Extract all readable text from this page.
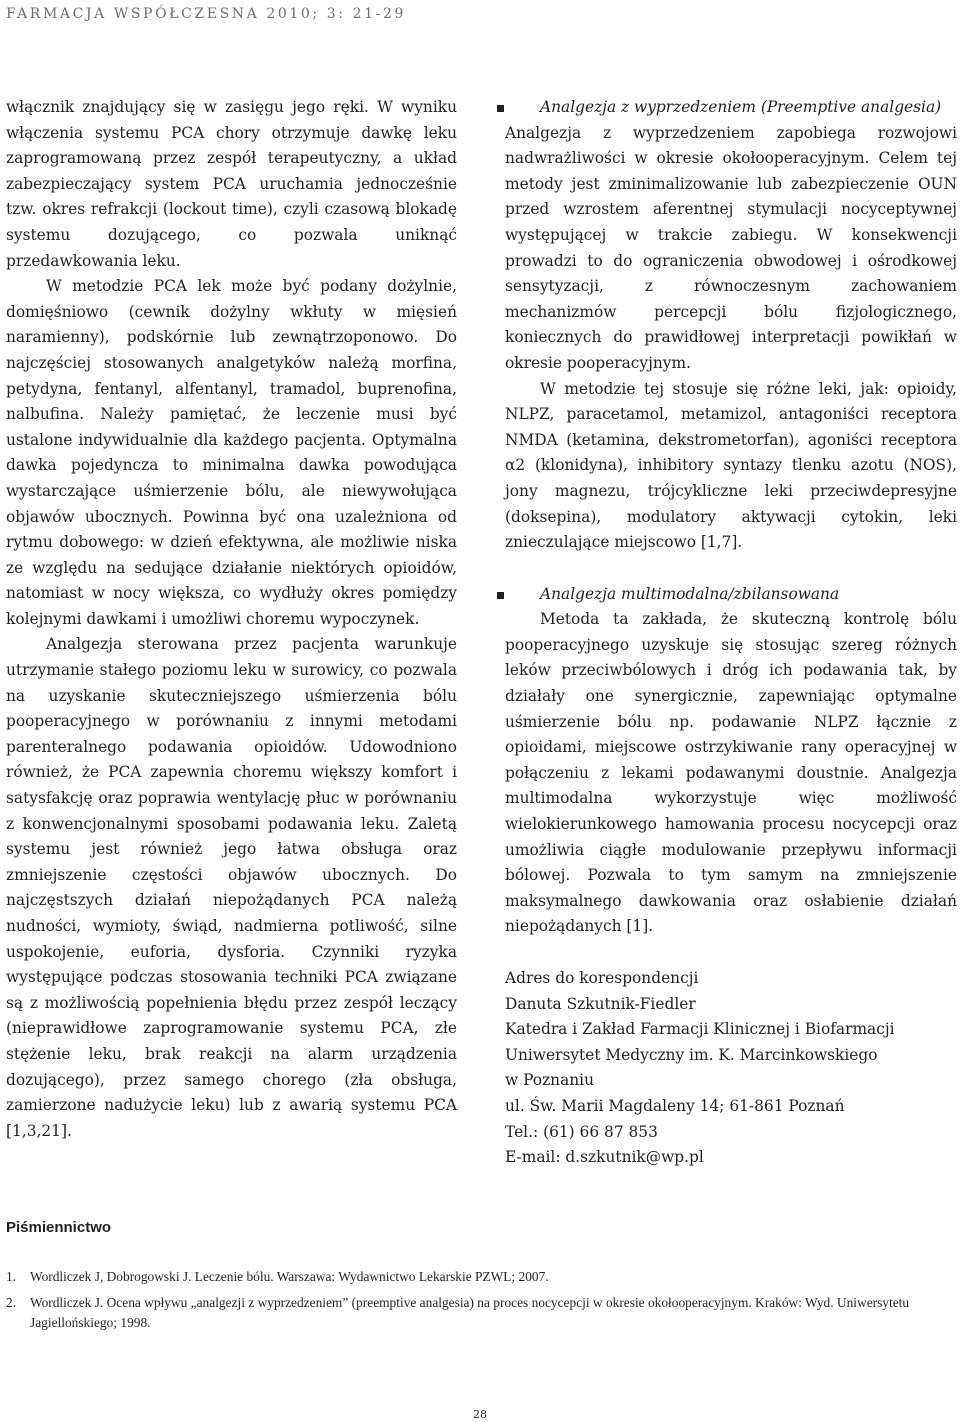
FARMACJA WSPÓŁCZESNA 2010; 3: 21-29

włącznik znajdujący się w zasięgu jego ręki. W wyniku włączenia systemu PCA chory otrzymuje dawkę leku zaprogramowaną przez zespół terapeutyczny, a układ zabezpieczający system PCA uruchamia jednocześnie tzw. okres refrakcji (lockout time), czyli czasową blokadę systemu dozującego, co pozwala uniknąć przedawkowania leku.

W metodzie PCA lek może być podany dożylnie, domięśniowo (cewnik dożylny wkłuty w mięsień naramienny), podskórnie lub zewnątrzoponowo. Do najczęściej stosowanych analgetyków należą morfina, petydyna, fentanyl, alfentanyl, tramadol, buprenofina, nalbufina. Należy pamiętać, że leczenie musi być ustalone indywidualnie dla każdego pacjenta. Optymalna dawka pojedyncza to minimalna dawka powodująca wystarczające uśmierzenie bólu, ale niewywołująca objawów ubocznych. Powinna być ona uzależniona od rytmu dobowego: w dzień efektywna, ale możliwie niska ze względu na sedujące działanie niektórych opioidów, natomiast w nocy większa, co wydłuży okres pomiędzy kolejnymi dawkami i umożliwi choremu wypoczynek.

Analgezja sterowana przez pacjenta warunkuje utrzymanie stałego poziomu leku w surowicy, co pozwala na uzyskanie skuteczniejszego uśmierzenia bólu pooperacyjnego w porównaniu z innymi metodami parenteralnego podawania opioidów. Udowodniono również, że PCA zapewnia choremu większy komfort i satysfakcję oraz poprawia wentylację płuc w porównaniu z konwencjonalnymi sposobami podawania leku. Zaletą systemu jest również jego łatwa obsługa oraz zmniejszenie częstości objawów ubocznych. Do najczęstszych działań niepożądanych PCA należą nudności, wymioty, świąd, nadmierna potliwość, silne uspokojenie, euforia, dysforia. Czynniki ryzyka występujące podczas stosowania techniki PCA związane są z możliwością popełnienia błędu przez zespół leczący (nieprawidłowe zaprogramowanie systemu PCA, złe stężenie leku, brak reakcji na alarm urządzenia dozującego), przez samego chorego (zła obsługa, zamierzone nadużycie leku) lub z awarią systemu PCA [1,3,21].

Analgezja z wyprzedzeniem (Preemptive analgesia)

Analgezja z wyprzedzeniem zapobiega rozwojowi nadwrażliwości w okresie okołooperacyjnym. Celem tej metody jest zminimalizowanie lub zabezpieczenie OUN przed wzrostem aferentnej stymulacji nocyceptywnej występującej w trakcie zabiegu. W konsekwencji prowadzi to do ograniczenia obwodowej i ośrodkowej sensytyzacji, z równoczesnym zachowaniem mechanizmów percepcji bólu fizjologicznego, koniecznych do prawidłowej interpretacji powikłań w okresie pooperacyjnym.

W metodzie tej stosuje się różne leki, jak: opioidy, NLPZ, paracetamol, metamizol, antagoniści receptora NMDA (ketamina, dekstrometorfan), agoniści receptora α2 (klonidyna), inhibitory syntazy tlenku azotu (NOS), jony magnezu, trójcykliczne leki przeciwdepresyjne (doksepina), modulatory aktywacji cytokin, leki znieczulające miejscowo [1,7].

Analgezja multimodalna/zbilansowana

Metoda ta zakłada, że skuteczną kontrolę bólu pooperacyjnego uzyskuje się stosując szereg różnych leków przeciwbólowych i dróg ich podawania tak, by działały one synergicznie, zapewniając optymalne uśmierzenie bólu np. podawanie NLPZ łącznie z opioidami, miejscowe ostrzykiwanie rany operacyjnej w połączeniu z lekami podawanymi doustnie. Analgezja multimodalna wykorzystuje więc możliwość wielokierunkowego hamowania procesu nocycepcji oraz umożliwia ciągłe modulowanie przepływu informacji bólowej. Pozwala to tym samym na zmniejszenie maksymalnego dawkowania oraz osłabienie działań niepożądanych [1].

Adres do korespondencji
Danuta Szkutnik-Fiedler
Katedra i Zakład Farmacji Klinicznej i Biofarmacji
Uniwersytet Medyczny im. K. Marcinkowskiego
w Poznaniu
ul. Św. Marii Magdaleny 14; 61-861 Poznań
Tel.: (61) 66 87 853
E-mail: d.szkutnik@wp.pl
Piśmiennictwo
1. Wordliczek J, Dobrogowski J. Leczenie bólu. Warszawa: Wydawnictwo Lekarskie PZWL; 2007.
2. Wordliczek J. Ocena wpływu „analgezji z wyprzedzeniem” (preemptive analgesia) na proces nocycepcji w okresie okołooperacyjnym. Kraków: Wyd. Uniwersytetu Jagiellońskiego; 1998.
28
